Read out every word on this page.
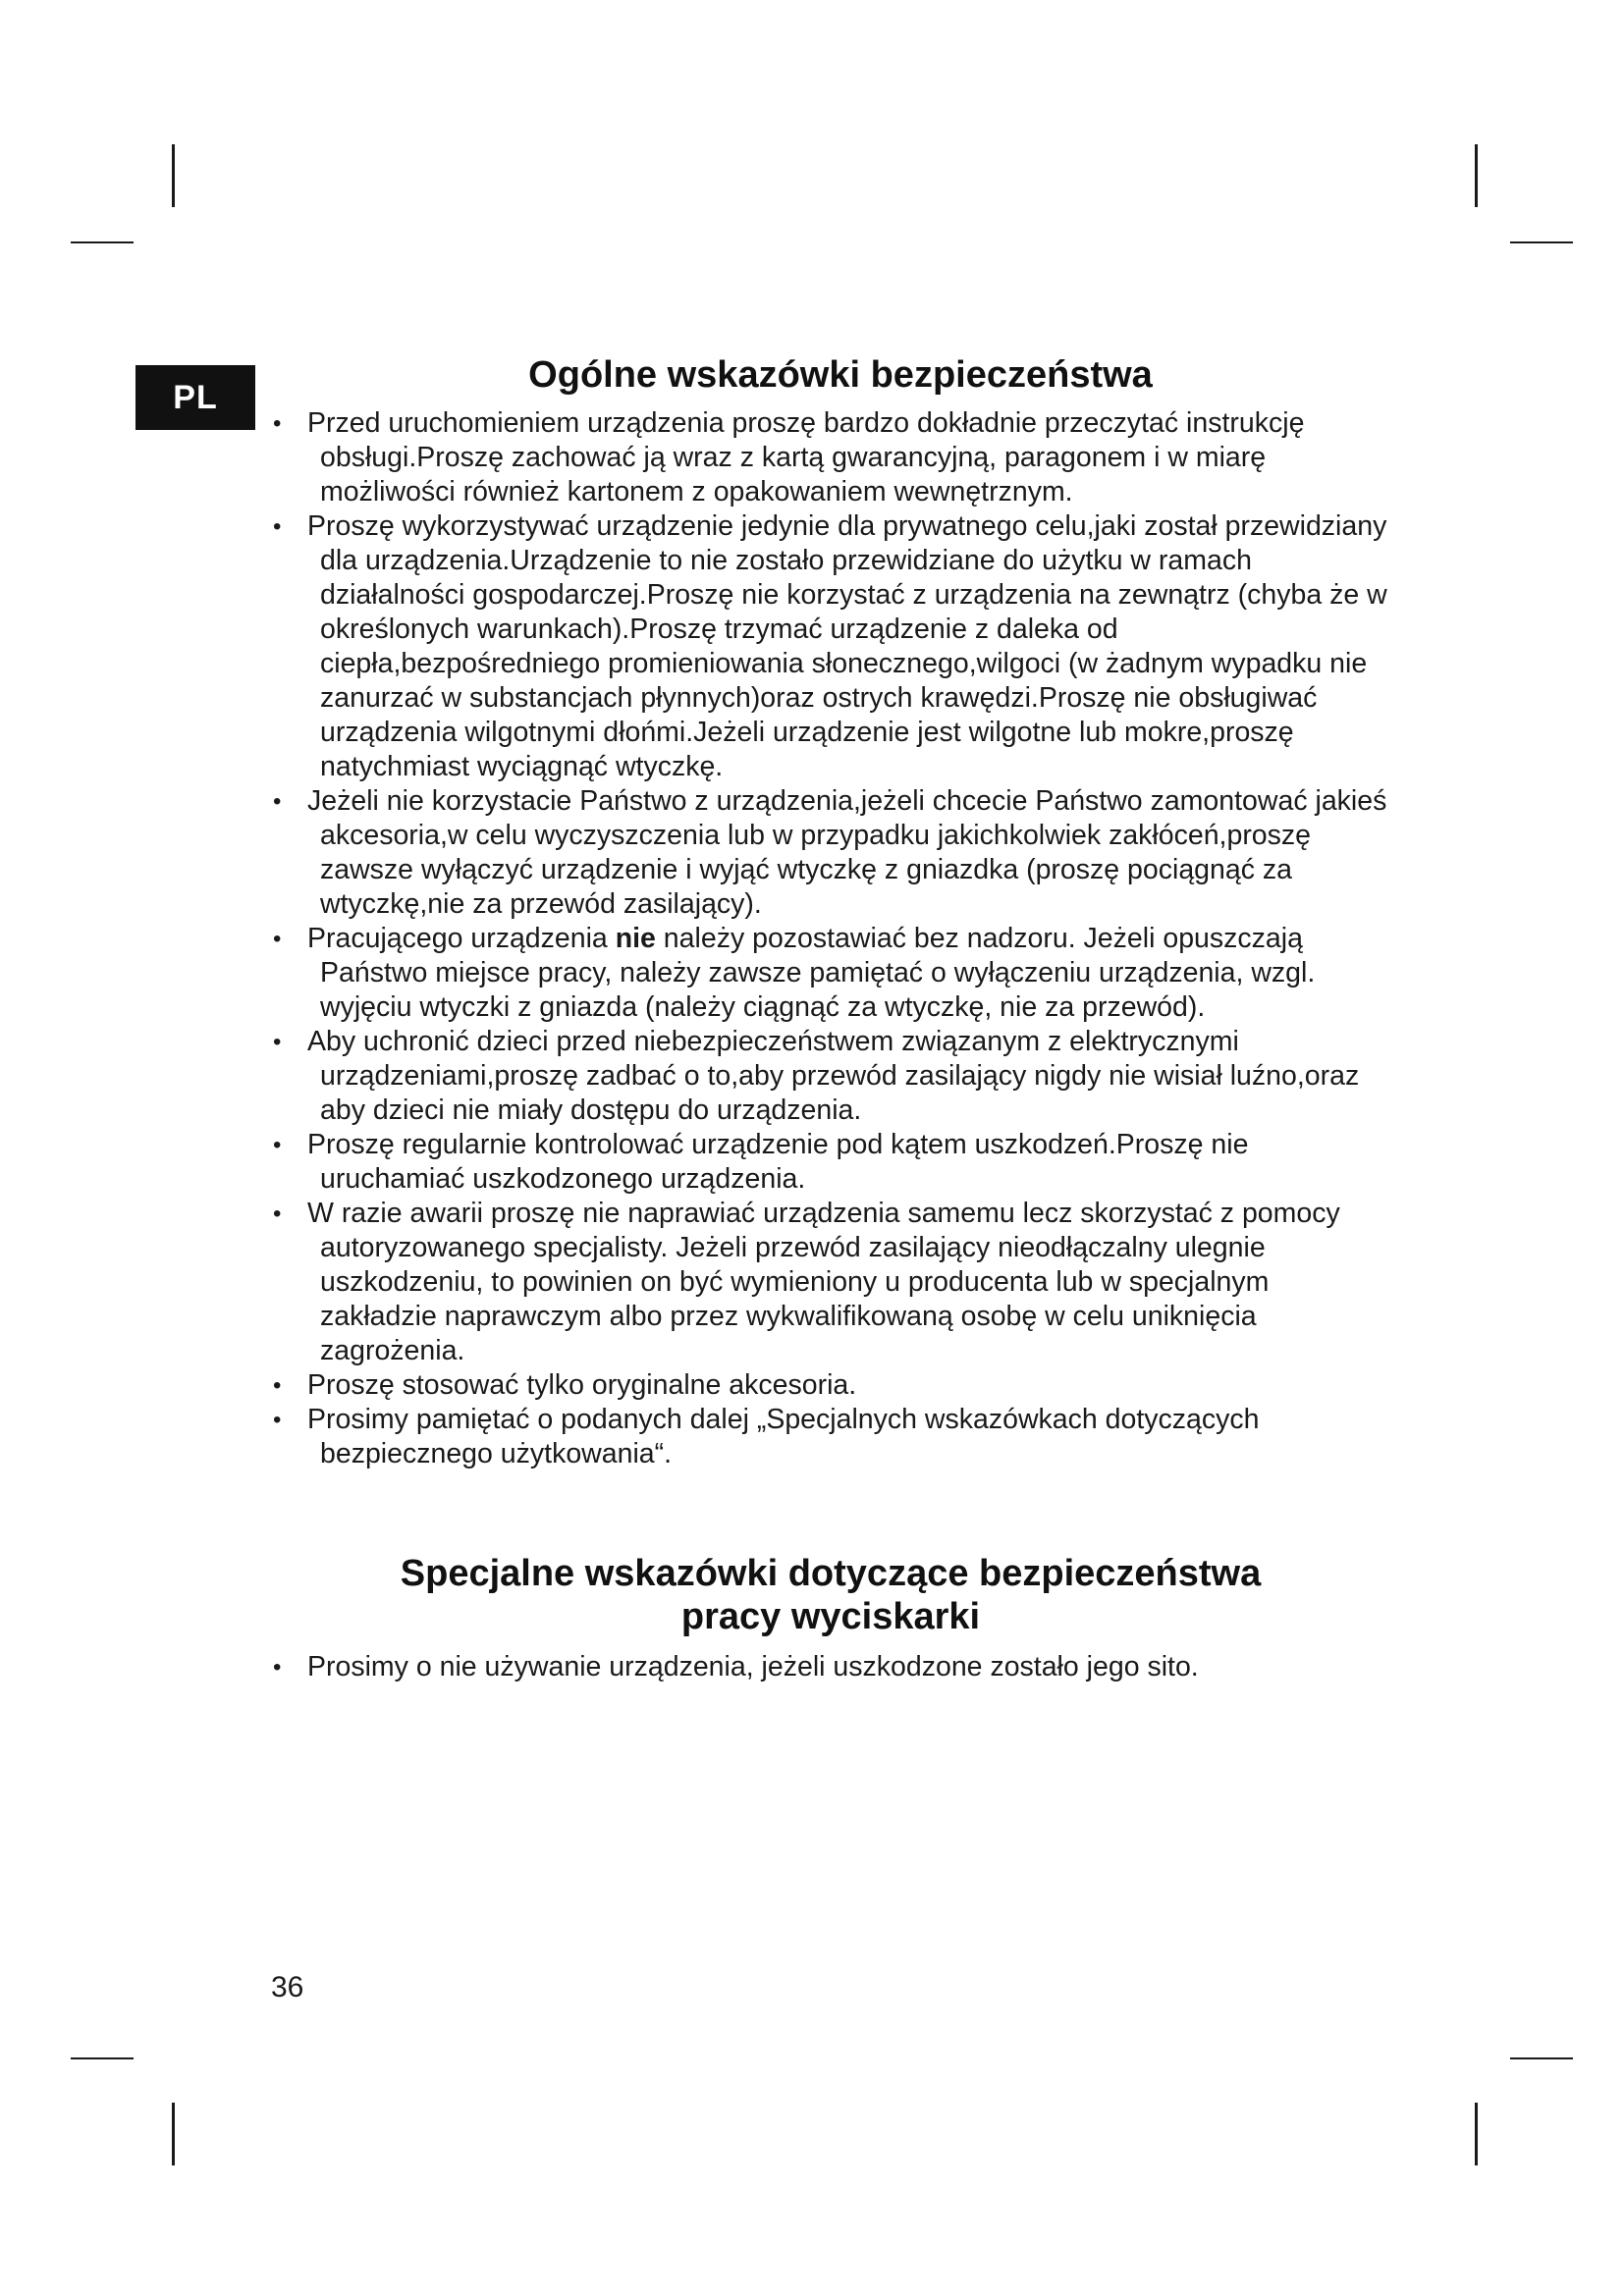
PL
Ogólne wskazówki bezpieczeństwa
• Przed uruchomieniem urządzenia proszę bardzo dokładnie przeczytać instrukcję obsługi.Proszę zachować ją wraz z kartą gwarancyjną, paragonem i w miarę możliwości również kartonem z opakowaniem wewnętrznym.
• Proszę wykorzystywać urządzenie jedynie dla prywatnego celu,jaki został przewidziany dla urządzenia.Urządzenie to nie zostało przewidziane do użytku w ramach działalności gospodarczej.Proszę nie korzystać z urządzenia na zewnątrz (chyba że w określonych warunkach).Proszę trzymać urządzenie z daleka od ciepła,bezpośredniego promieniowania słonecznego,wilgoci (w żadnym wypadku nie zanurzać w substancjach płynnych)oraz ostrych krawędzi.Proszę nie obsługiwać urządzenia wilgotnymi dłońmi.Jeżeli urządzenie jest wilgotne lub mokre,proszę natychmiast wyciągnąć wtyczkę.
• Jeżeli nie korzystacie Państwo z urządzenia,jeżeli chcecie Państwo zamontować jakieś akcesoria,w celu wyczyszczenia lub w przypadku jakichkolwiek zakłóceń,proszę zawsze wyłączyć urządzenie i wyjąć wtyczkę z gniazdka (proszę pociągnąć za wtyczkę,nie za przewód zasilający).
• Pracującego urządzenia nie należy pozostawiać bez nadzoru. Jeżeli opuszczają Państwo miejsce pracy, należy zawsze pamiętać o wyłączeniu urządzenia, wzgl. wyjęciu wtyczki z gniazda (należy ciągnąć za wtyczkę, nie za przewód).
• Aby uchronić dzieci przed niebezpieczeństwem związanym z elektrycznymi urządzeniami,proszę zadbać o to,aby przewód zasilający nigdy nie wisiał luźno,oraz aby dzieci nie miały dostępu do urządzenia.
• Proszę regularnie kontrolować urządzenie pod kątem uszkodzeń.Proszę nie uruchamiać uszkodzonego urządzenia.
• W razie awarii proszę nie naprawiać urządzenia samemu lecz skorzystać z pomocy autoryzowanego specjalisty. Jeżeli przewód zasilający nieodłączalny ulegnie uszkodzeniu, to powinien on być wymieniony u producenta lub w specjalnym zakładzie naprawczym albo przez wykwalifikowaną osobę w celu uniknięcia zagrożenia.
• Proszę stosować tylko oryginalne akcesoria.
• Prosimy pamiętać o podanych dalej „Specjalnych wskazówkach dotyczących bezpiecznego użytkowania“.
Specjalne wskazówki dotyczące bezpieczeństwa
pracy wyciskarki
• Prosimy o nie używanie urządzenia, jeżeli uszkodzone zostało jego sito.
36
